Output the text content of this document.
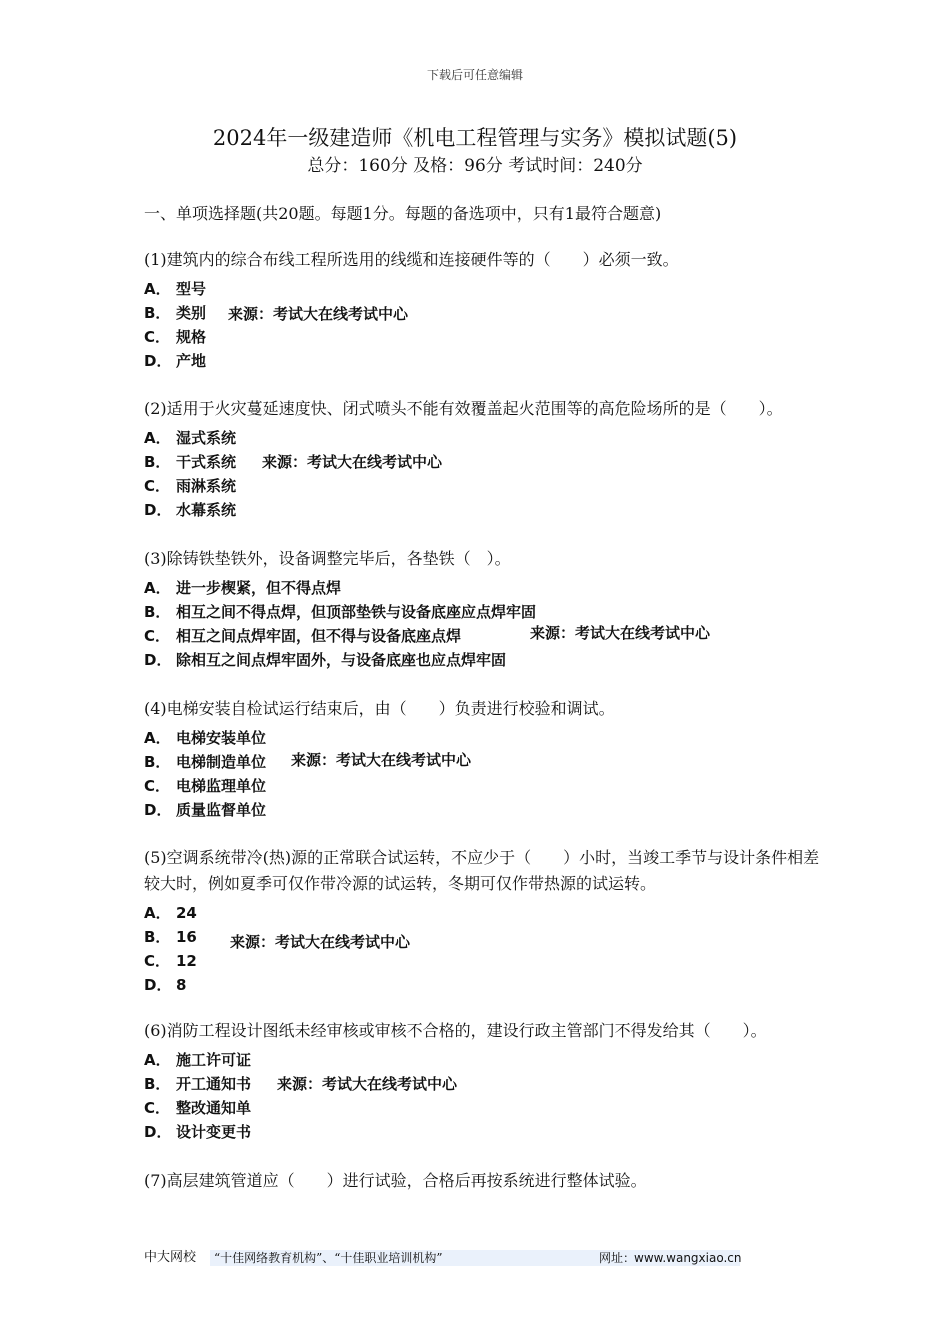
下载后可任意编辑
2024年一级建造师《机电工程管理与实务》模拟试题(5)
总分：160分 及格：96分 考试时间：240分
一、单项选择题(共20题。每题1分。每题的备选项中，只有1最符合题意)
(1)建筑内的综合布线工程所选用的线缆和连接硬件等的（　　）必须一致。
A． 型号
B． 类别
C． 规格
D． 产地
来源：考试大在线考试中心
(2)适用于火灾蔓延速度快、闭式喷头不能有效覆盖起火范围等的高危险场所的是（　　）。
A． 湿式系统
B． 干式系统
C． 雨淋系统
D． 水幕系统
来源：考试大在线考试中心
(3)除铸铁垫铁外，设备调整完毕后，各垫铁（　）。
A． 进一步楔紧，但不得点焊
B． 相互之间不得点焊，但顶部垫铁与设备底座应点焊牢固
C． 相互之间点焊牢固，但不得与设备底座点焊
D． 除相互之间点焊牢固外，与设备底座也应点焊牢固
来源：考试大在线考试中心
(4)电梯安装自检试运行结束后，由（　　）负责进行校验和调试。
A． 电梯安装单位
B． 电梯制造单位
C． 电梯监理单位
D． 质量监督单位
来源：考试大在线考试中心
(5)空调系统带冷(热)源的正常联合试运转，不应少于（　　）小时，当竣工季节与设计条件相差较大时，例如夏季可仅作带冷源的试运转，冬期可仅作带热源的试运转。
A． 24
B． 16
C． 12
D． 8
来源：考试大在线考试中心
(6)消防工程设计图纸未经审核或审核不合格的，建设行政主管部门不得发给其（　　）。
A． 施工许可证
B． 开工通知书
C． 整改通知单
D． 设计变更书
来源：考试大在线考试中心
(7)高层建筑管道应（　　）进行试验，合格后再按系统进行整体试验。
中大网校 “十佳网络教育机构”、“十佳职业培训机构”	网址：
www.wangxiao.cn
